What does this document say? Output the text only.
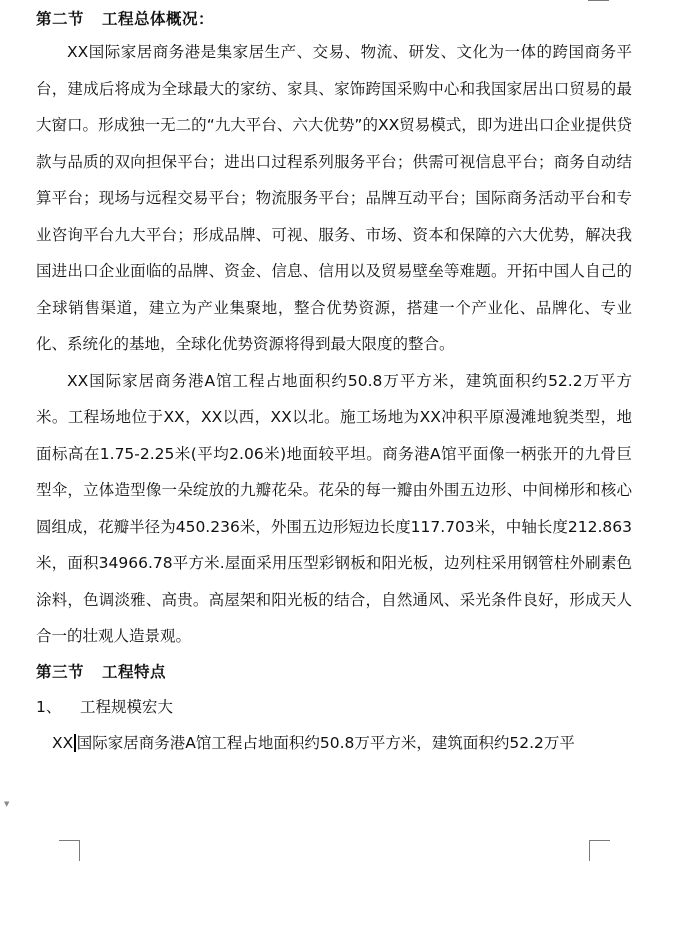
第二节 工程总体概况：

XX国际家居商务港是集家居生产、交易、物流、研发、文化为一体的跨国商务平台，建成后将成为全球最大的家纺、家具、家饰跨国采购中心和我国家居出口贸易的最大窗口。形成独一无二的“九大平台、六大优势”的XX贸易模式，即为进出口企业提供贷款与品质的双向担保平台；进出口过程系列服务平台；供需可视信息平台；商务自动结算平台；现场与远程交易平台；物流服务平台；品牌互动平台；国际商务活动平台和专业咨询平台九大平台；形成品牌、可视、服务、市场、资本和保障的六大优势，解决我国进出口企业面临的品牌、资金、信息、信用以及贸易壁垒等难题。开拓中国人自己的全球销售渠道，建立为产业集聚地，整合优势资源，搭建一个产业化、品牌化、专业化、系统化的基地，全球化优势资源将得到最大限度的整合。

XX国际家居商务港A馆工程占地面积约50.8万平方米，建筑面积约52.2万平方米。工程场地位于XX，XX以西，XX以北。施工场地为XX冲积平原漫滩地貌类型，地面标高在1.75-2.25米(平均2.06米)地面较平坦。商务港A馆平面像一柄张开的九骨巨型伞，立体造型像一朵绽放的九瓣花朵。花朵的每一瓣由外围五边形、中间梯形和核心圆组成，花瓣半径为450.236米，外围五边形短边长度117.703米，中轴长度212.863米，面积34966.78平方米.屋面采用压型彩钢板和阳光板，边列柱采用钢管柱外刷素色涂料，色调淡雅、高贵。高屋架和阳光板的结合，自然通风、采光条件良好，形成天人合一的壮观人造景观。

第三节 工程特点
1、 工程规模宏大
XX 国际家居商务港A馆工程占地面积约50.8万平方米，建筑面积约52.2万平
▼
